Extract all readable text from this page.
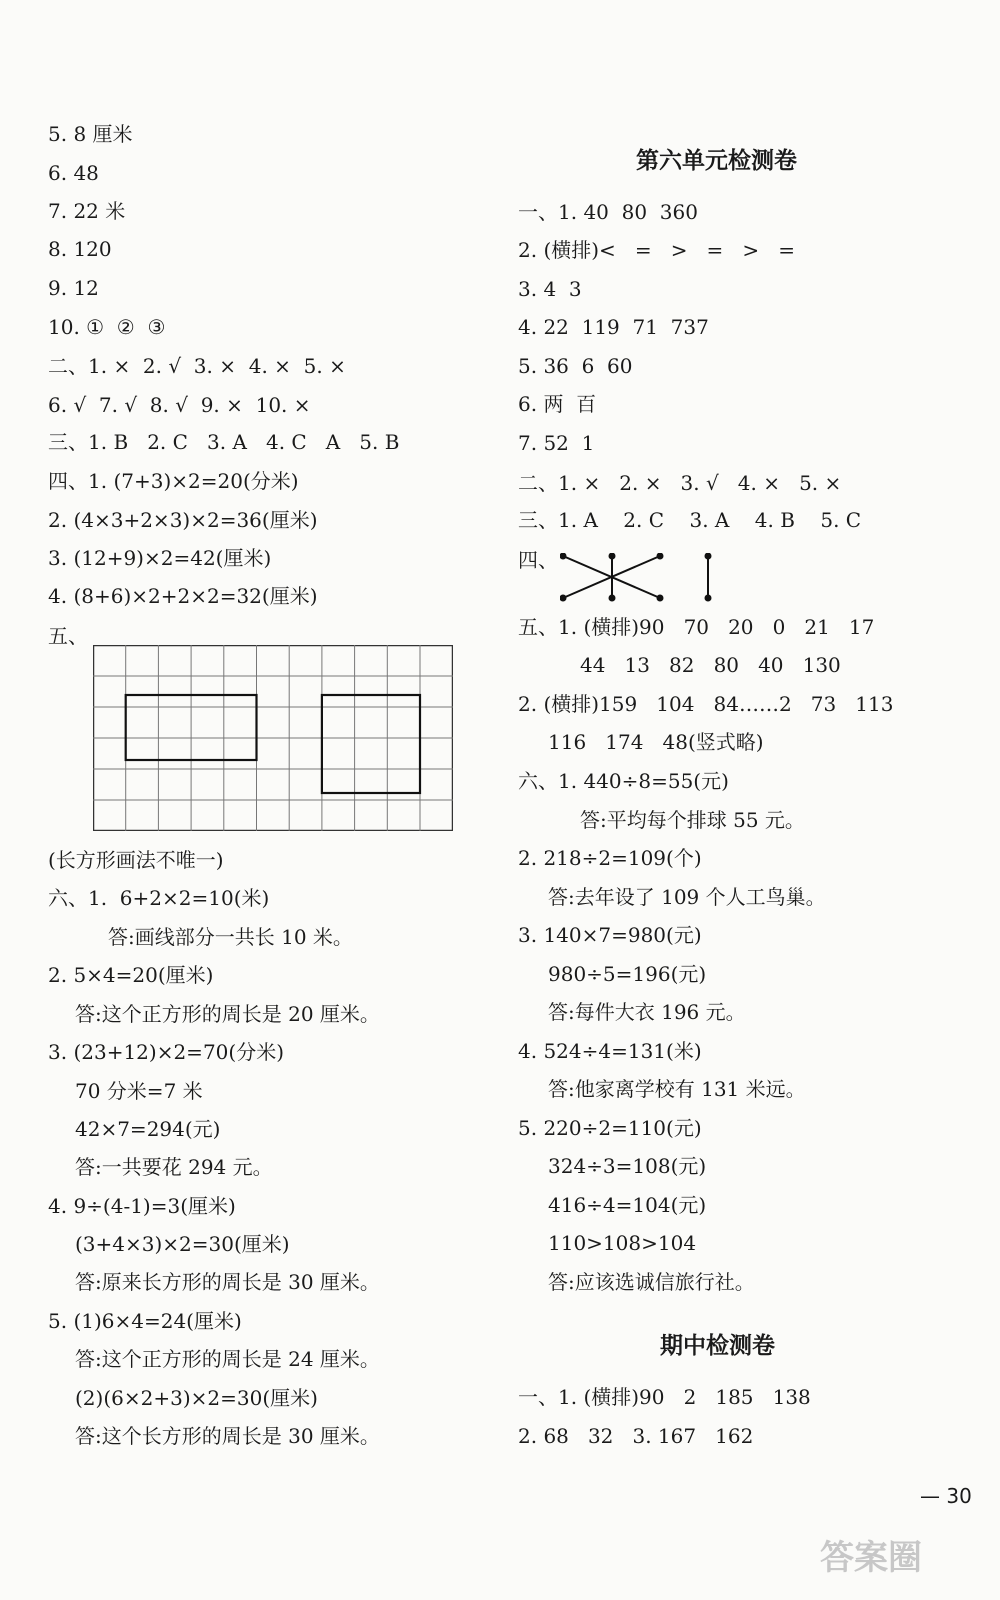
5. 8 厘米
6. 48
7. 22 米
8. 120
9. 12
10. ①  ②  ③
二、1. ×  2. √  3. ×  4. ×  5. ×
6. √  7. √  8. √  9. ×  10. ×
三、1. B   2. C   3. A   4. C   A   5. B
四、1. (7+3)×2=20(分米)
2. (4×3+2×3)×2=36(厘米)
3. (12+9)×2=42(厘米)
4. (8+6)×2+2×2=32(厘米)
五、
(长方形画法不唯一)
六、1.  6+2×2=10(米)
答:画线部分一共长 10 米。
2. 5×4=20(厘米)
答:这个正方形的周长是 20 厘米。
3. (23+12)×2=70(分米)
70 分米=7 米
42×7=294(元)
答:一共要花 294 元。
4. 9÷(4-1)=3(厘米)
(3+4×3)×2=30(厘米)
答:原来长方形的周长是 30 厘米。
5. (1)6×4=24(厘米)
答:这个正方形的周长是 24 厘米。
(2)(6×2+3)×2=30(厘米)
答:这个长方形的周长是 30 厘米。
第六单元检测卷
一、1. 40  80  360
2. (横排)<   =   >   =   >   =
3. 4  3
4. 22  119  71  737
5. 36  6  60
6. 两  百
7. 52  1
二、1. ×   2. ×   3. √   4. ×   5. ×
三、1. A    2. C    3. A    4. B    5. C
四、
五、1. (横排)90   70   20   0   21   17
44   13   82   80   40   130
2. (横排)159   104   84……2   73   113
116   174   48(竖式略)
六、1. 440÷8=55(元)
答:平均每个排球 55 元。
2. 218÷2=109(个)
答:去年设了 109 个人工鸟巢。
3. 140×7=980(元)
980÷5=196(元)
答:每件大衣 196 元。
4. 524÷4=131(米)
答:他家离学校有 131 米远。
5. 220÷2=110(元)
324÷3=108(元)
416÷4=104(元)
110>108>104
答:应该选诚信旅行社。
期中检测卷
一、1. (横排)90   2   185   138
2. 68   32   3. 167   162
— 30
答案圈
